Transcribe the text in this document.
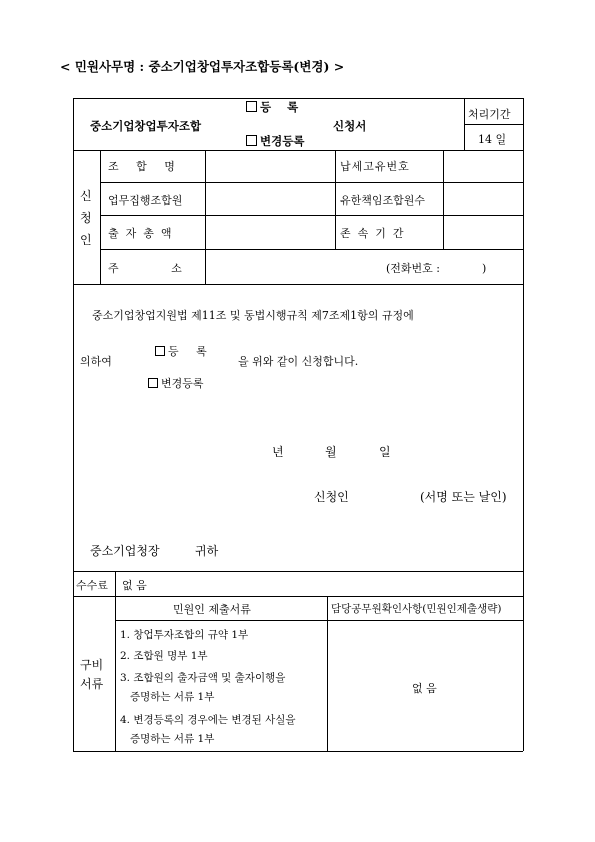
< 민원사무명 : 중소기업창업투자조합등록(변경) >
중소기업창업투자조합
등    록
변경등록
신청서
처리기간
14 일
신
청
인
조     합     명	납세고유번호
업무집행조합원	유한책임조합원수
출  자  총  액	존  속  기  간
주               소	(전화번호 :            )
중소기업창업지원법 제11조 및 동법시행규칙 제7조제1항의 규정에

등     록

의하여	을 위와 같이 신청합니다.
변경등록
년	월	일
신청인	(서명 또는 날인)
중소기업청장	귀하
수수료 없 음
구비
서류
민원인 제출서류	담당공무원확인사항(민원인제출생략)
1. 창업투자조합의 규약 1부
2. 조합원 명부 1부
3. 조합원의 출자금액 및 출자이행을
증명하는 서류 1부
4. 변경등록의 경우에는 변경된 사실을
증명하는 서류 1부
없 음
